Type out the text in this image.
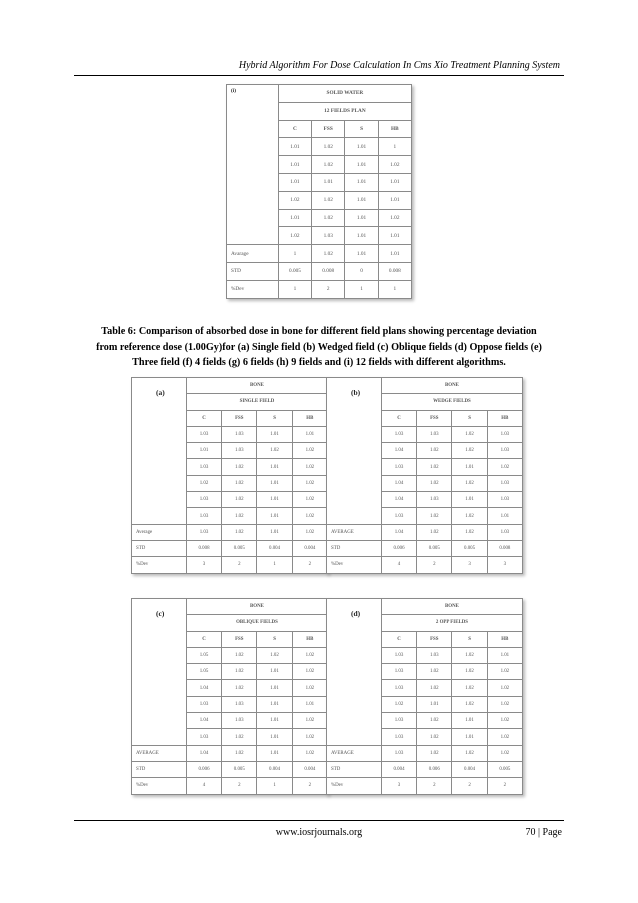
Hybrid Algorithm For Dose Calculation In Cms Xio Treatment Planning System
(i)	SOLID WATER			
	12 FIELDS PLAN			
	C	FSS	S	HB
	1.01	1.02	1.01	1
	1.01	1.02	1.01	1.02
	1.01	1.01	1.01	1.01
	1.02	1.02	1.01	1.01
	1.01	1.02	1.01	1.02
	1.02	1.03	1.01	1.01
Avarage	1	1.02	1.01	1.01
STD	0.005	0.008	0	0.008
%Dev	1	2	1	1
Table 6: Comparison of absorbed dose in bone for different field plans showing percentage deviation
from reference dose (1.00Gy)for (a) Single field (b) Wedged field (c) Oblique fields (d) Oppose fields (e)
Three field (f) 4 fields (g) 6 fields (h) 9 fields and (i) 12 fields with different algorithms.
(a)	BONE			
	SINGLE FIELD			
	C	FSS	S	HB
	1.03	1.03	1.01	1.01
	1.01	1.03	1.02	1.02
	1.03	1.02	1.01	1.02
	1.02	1.02	1.01	1.02
	1.03	1.02	1.01	1.02
	1.03	1.02	1.01	1.02
Average	1.03	1.02	1.01	1.02
STD	0.008	0.005	0.004	0.004
%Dev	3	2	1	2
(b)	BONE			
	WEDGE FIELDS			
	C	FSS	S	HB
	1.03	1.03	1.02	1.03
	1.04	1.02	1.02	1.03
	1.03	1.02	1.01	1.02
	1.04	1.02	1.02	1.03
	1.04	1.03	1.01	1.03
	1.03	1.02	1.02	1.01
AVERAGE	1.04	1.02	1.02	1.03
STD	0.006	0.005	0.005	0.008
%Dev	4	2	3	3
(c)	BONE			
	OBLIQUE FIELDS			
	C	FSS	S	HB
	1.05	1.02	1.02	1.02
	1.05	1.02	1.01	1.02
	1.04	1.02	1.01	1.02
	1.03	1.03	1.01	1.01
	1.04	1.03	1.01	1.02
	1.03	1.02	1.01	1.02
AVERAGE	1.04	1.02	1.01	1.02
STD	0.006	0.005	0.004	0.004
%Dev	4	2	1	2
(d)	BONE			
	2 OPP FIELDS			
	C	FSS	S	HB
	1.03	1.03	1.02	1.01
	1.03	1.02	1.02	1.02
	1.03	1.02	1.02	1.02
	1.02	1.01	1.02	1.02
	1.03	1.02	1.01	1.02
	1.03	1.02	1.01	1.02
AVERAGE	1.03	1.02	1.02	1.02
STD	0.004	0.006	0.004	0.005
%Dev	3	2	2	2
www.iosrjournals.org	70 | Page
